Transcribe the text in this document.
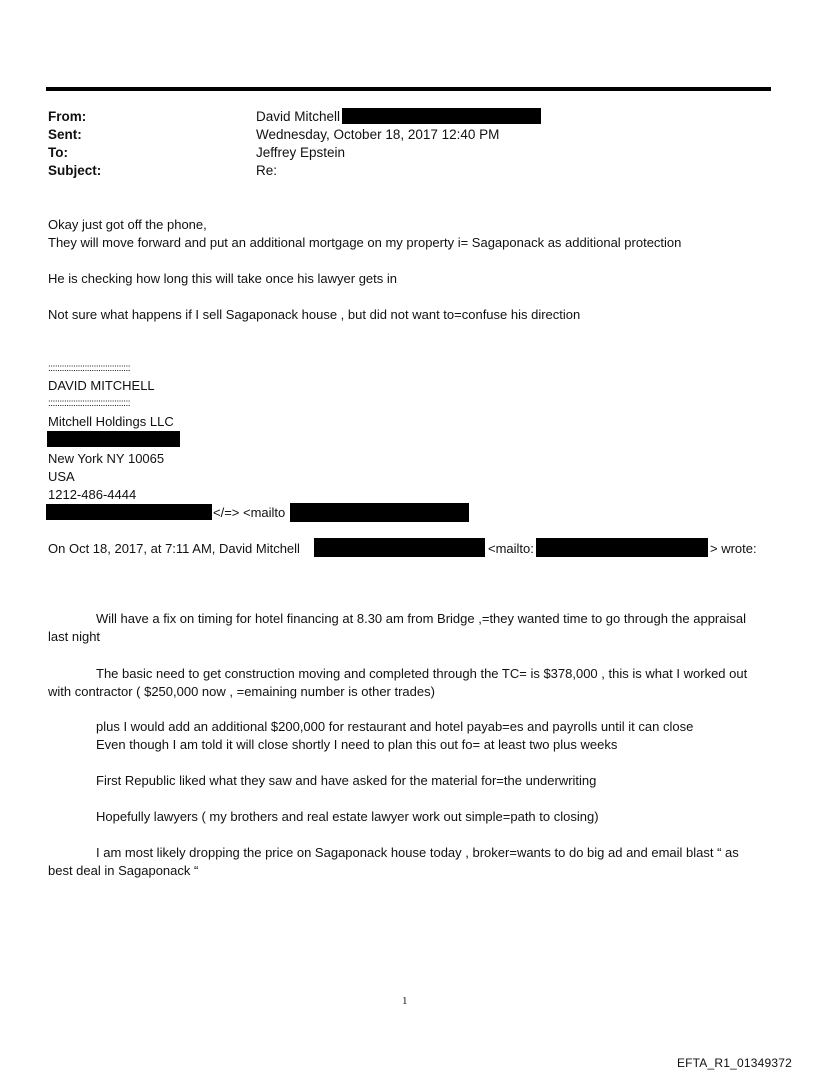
From:	David Mitchell
Sent:	Wednesday, October 18, 2017 12:40 PM
To:	Jeffrey Epstein
Subject:	Re:
Okay just got off the phone,
They will move forward and put an additional mortgage on my property i= Sagaponack as additional protection
He is checking how long this will take once his lawyer gets in
Not sure what happens if I sell Sagaponack house , but did not want to=confuse his direction
::::::::::::::::::::::::::::::::::::
DAVID MITCHELL
::::::::::::::::::::::::::::::::::::
Mitchell Holdings LLC
New York NY 10065
USA
1212-486-4444
</=> <mailto
On Oct 18, 2017, at 7:11 AM, David Mitchell	<mailto:	> wrote:
Will have a fix on timing for hotel financing at 8.30 am from Bridge ,=they wanted time to go through the appraisal last night
The basic need to get construction moving and completed through the TC= is $378,000 , this is what I worked out with contractor ( $250,000 now , =emaining number is other trades)
plus I would add an additional $200,000 for restaurant and hotel payab=es and payrolls until it can close
Even though I am told it will close shortly I need to plan this out fo= at least two plus weeks
First Republic liked what they saw and have asked for the material for=the underwriting
Hopefully lawyers ( my brothers and real estate lawyer work out simple=path to closing)
I am most likely dropping the price on Sagaponack house today , broker=wants to do big ad and email blast “ as best deal in Sagaponack “
1
EFTA_R1_01349372
